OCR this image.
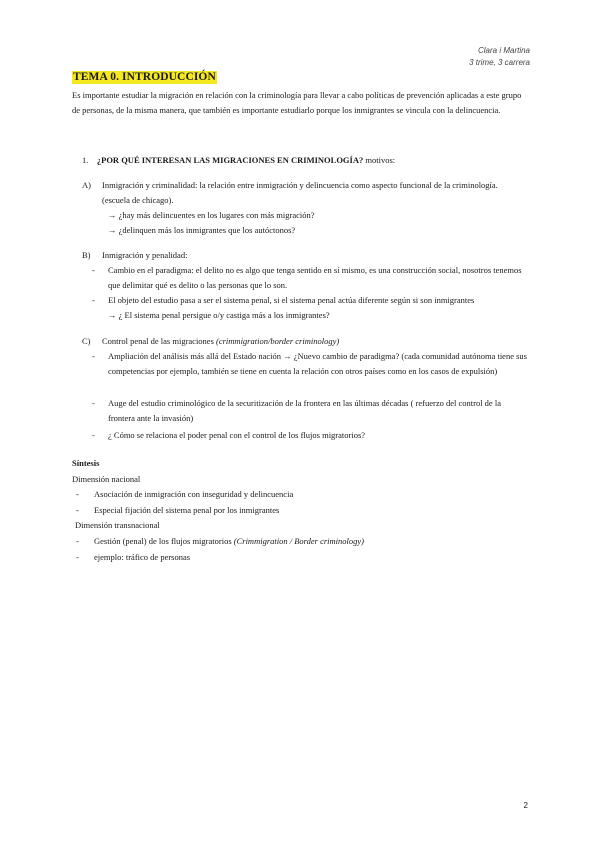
Clara i Martina
3 trime, 3 carrera
TEMA 0. INTRODUCCIÓN

Es importante estudiar la migración en relación con la criminología para llevar a cabo políticas de prevención aplicadas a este grupo de personas, de la misma manera, que también es importante estudiarlo porque los inmigrantes se vincula con la delincuencia.

1. ¿POR QUÉ INTERESAN LAS MIGRACIONES EN CRIMINOLOGÍA? motivos:
A) Inmigración y criminalidad: la relación entre inmigración y delincuencia como aspecto funcional de la criminología. (escuela de chicago).
→ ¿hay más delincuentes en los lugares con más migración?
→ ¿delinquen más los inmigrantes que los autóctonos?
B) Inmigración y penalidad:
- Cambio en el paradigma: el delito no es algo que tenga sentido en sí mismo, es una construcción social, nosotros tenemos que delimitar qué es delito o las personas que lo son.
- El objeto del estudio pasa a ser el sistema penal, si el sistema penal actúa diferente según si son inmigrantes
→ ¿ El sistema penal persigue o/y castiga más a los inmigrantes?
C) Control penal de las migraciones (crimmigration/border criminology)
- Ampliación del análisis más allá del Estado nación → ¿Nuevo cambio de paradigma? (cada comunidad autónoma tiene sus competencias por ejemplo, también se tiene en cuenta la relación con otros países como en los casos de expulsión)
- Auge del estudio criminológico de la securitización de la frontera en las últimas décadas ( refuerzo del control de la frontera ante la invasión)
- ¿ Cómo se relaciona el poder penal con el control de los flujos migratorios?
Síntesis
Dimensión nacional
- Asociación de inmigración con inseguridad y delincuencia
- Especial fijación del sistema penal por los inmigrantes
Dimensión transnacional
- Gestión (penal) de los flujos migratorios (Crimmigration / Border criminology)
- ejemplo: tráfico de personas
2
